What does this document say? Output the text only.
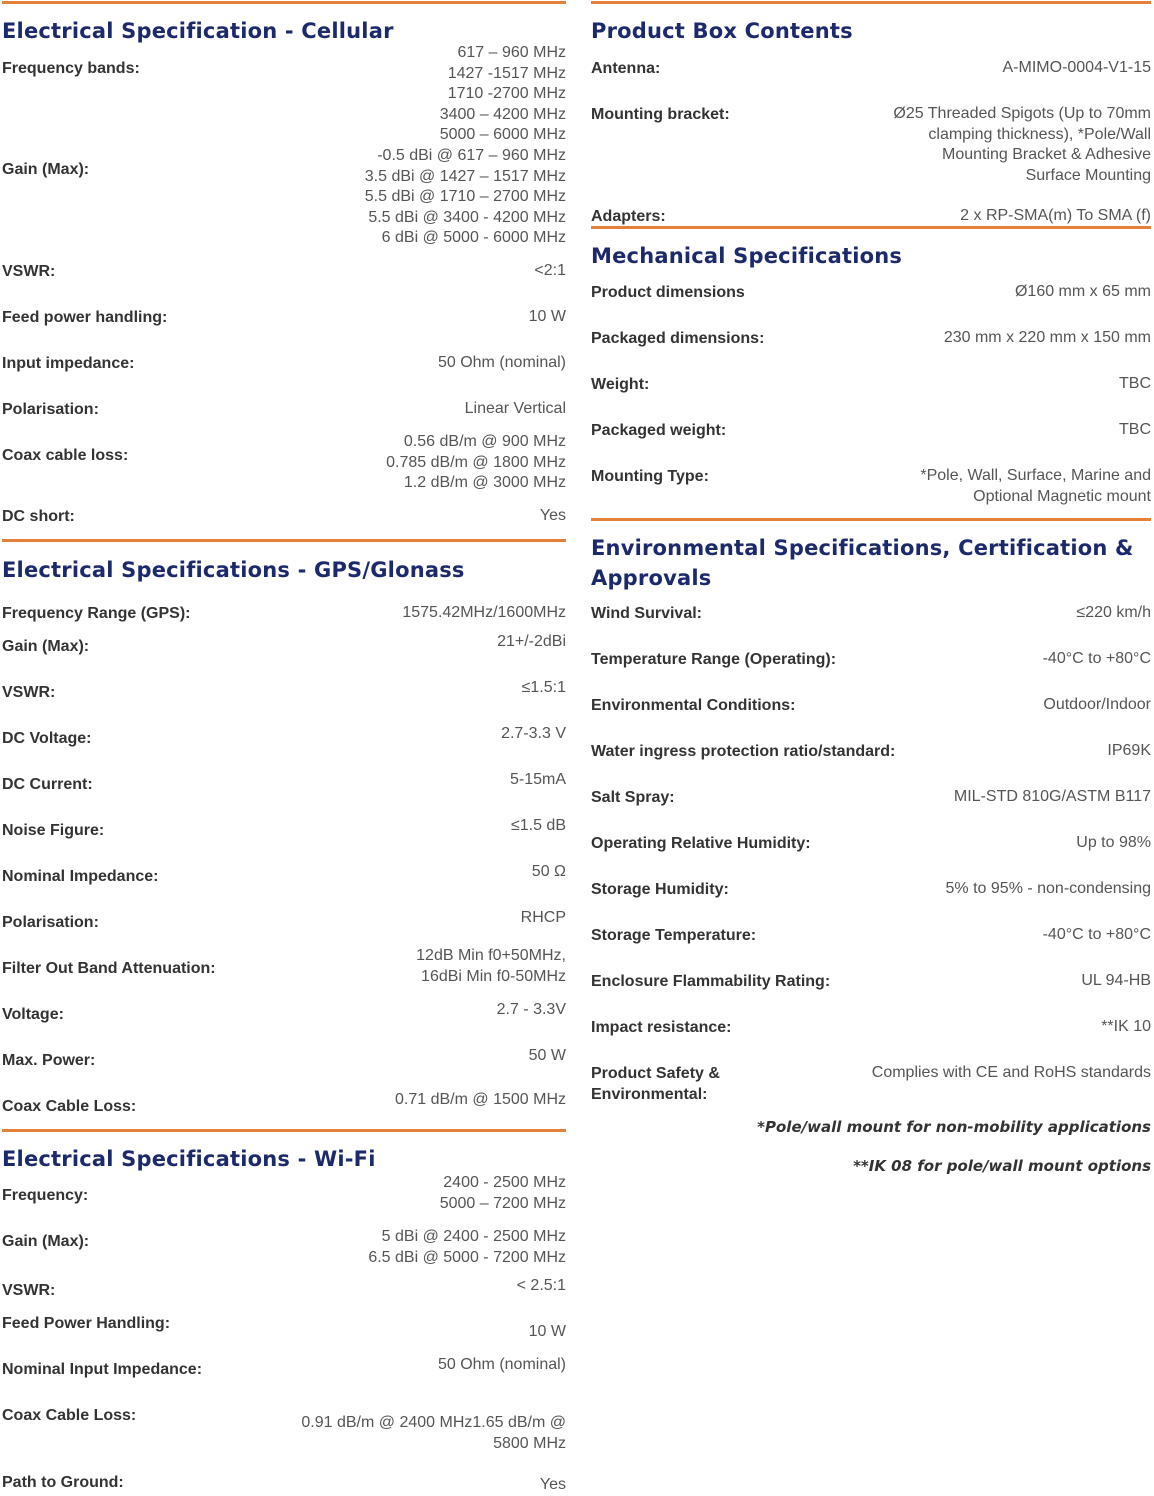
Electrical Specification - Cellular
Frequency bands:
617 – 960 MHz
1427 -1517 MHz
1710 -2700 MHz
3400 – 4200 MHz
5000 – 6000 MHz
Gain (Max):
-0.5 dBi @ 617 – 960 MHz
3.5 dBi @ 1427 – 1517 MHz
5.5 dBi @ 1710 – 2700 MHz
5.5 dBi @ 3400 - 4200 MHz
6 dBi @ 5000 - 6000 MHz
VSWR:	<2:1
Feed power handling:	10 W
Input impedance:	50 Ohm (nominal)
Polarisation:	Linear Vertical
Coax cable loss:
0.56 dB/m @ 900 MHz
0.785 dB/m @ 1800 MHz
1.2 dB/m @ 3000 MHz
DC short:	Yes
Electrical Specifications - GPS/Glonass
Frequency Range (GPS):	1575.42MHz/1600MHz
Gain (Max):	21+/-2dBi
VSWR:	≤1.5:1
DC Voltage:	2.7-3.3 V
DC Current:	5-15mA
Noise Figure:	≤1.5 dB
Nominal Impedance:	50 Ω
Polarisation:	RHCP
Filter Out Band Attenuation:
12dB Min f0+50MHz,
16dBi Min f0-50MHz
Voltage:	2.7 - 3.3V
Max. Power:	50 W
Coax Cable Loss:	0.71 dB/m @ 1500 MHz
Electrical Specifications - Wi-Fi
Frequency:
2400 - 2500 MHz
5000 – 7200 MHz
Gain (Max):	5 dBi @ 2400 - 2500 MHz
6.5 dBi @ 5000 - 7200 MHz
VSWR:	< 2.5:1
Feed Power Handling:	10 W
Nominal Input Impedance:	50 Ohm (nominal)
Coax Cable Loss:	0.91 dB/m @ 2400 MHz1.65 dB/m @
5800 MHz
Path to Ground:	Yes
Product Box Contents
Antenna:	A-MIMO-0004-V1-15
Mounting bracket:	Ø25 Threaded Spigots (Up to 70mm
clamping thickness), *Pole/Wall
Mounting Bracket & Adhesive
Surface Mounting
Adapters:	2 x RP-SMA(m) To SMA (f)
Mechanical Specifications
Product dimensions	Ø160 mm x 65 mm
Packaged dimensions:	230 mm x 220 mm x 150 mm
Weight:	TBC
Packaged weight:	TBC
Mounting Type:	*Pole, Wall, Surface, Marine and
Optional Magnetic mount
Environmental Specifications, Certification &
Approvals
Wind Survival:	≤220 km/h
Temperature Range (Operating):	-40°C to +80°C
Environmental Conditions:	Outdoor/Indoor
Water ingress protection ratio/standard:	IP69K
Salt Spray:	MIL-STD 810G/ASTM B117
Operating Relative Humidity:	Up to 98%
Storage Humidity:	5% to 95% - non-condensing
Storage Temperature:	-40°C to +80°C
Enclosure Flammability Rating:	UL 94-HB
Impact resistance:	**IK 10
Product Safety &
Environmental:
Complies with CE and RoHS standards
*Pole/wall mount for non-mobility applications
**IK 08 for pole/wall mount options
